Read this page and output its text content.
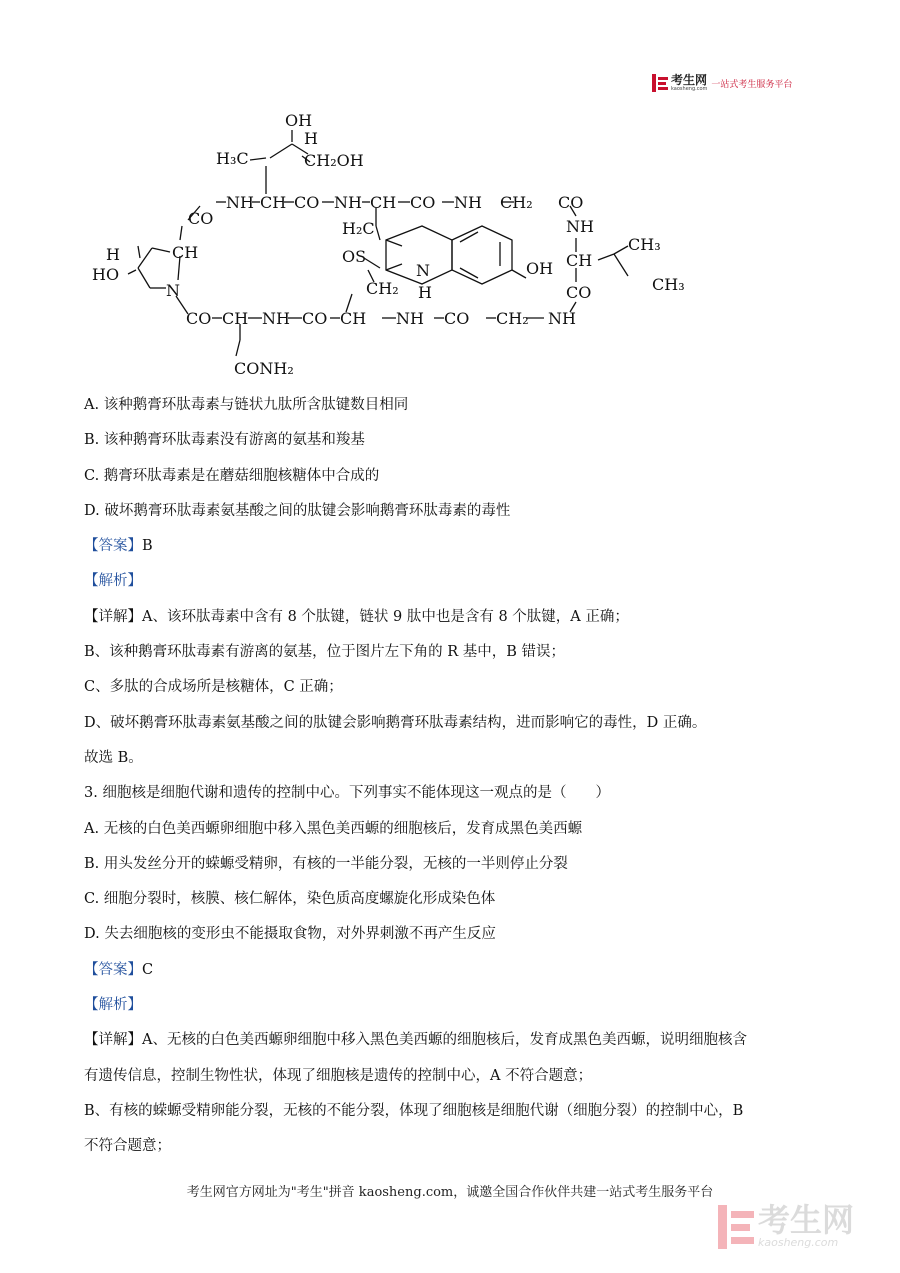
考生网
kaosheng.com 一站式考生服务平台
OH
H
CH₂OH
H₃C
CO
NH CH CO NH CH CO NH CH₂ CO
H₂C
OS
CH₂
N
H
OH
CH
H
HO
N
NH
CH
CO
CH₃
CH₃
CO CH NH CO CH NH CO CH₂ NH
CONH₂
A. 该种鹅膏环肽毒素与链状九肽所含肽键数目相同
B. 该种鹅膏环肽毒素没有游离的氨基和羧基
C. 鹅膏环肽毒素是在蘑菇细胞核糖体中合成的
D. 破坏鹅膏环肽毒素氨基酸之间的肽键会影响鹅膏环肽毒素的毒性
【答案】B
【解析】
【详解】A、该环肽毒素中含有 8 个肽键，链状 9 肽中也是含有 8 个肽键，A 正确；
B、该种鹅膏环肽毒素有游离的氨基，位于图片左下角的 R 基中，B 错误；
C、多肽的合成场所是核糖体，C 正确；
D、破坏鹅膏环肽毒素氨基酸之间的肽键会影响鹅膏环肽毒素结构，进而影响它的毒性，D 正确。
故选 B。
3. 细胞核是细胞代谢和遗传的控制中心。下列事实不能体现这一观点的是（　　）
A. 无核的白色美西螈卵细胞中移入黑色美西螈的细胞核后，发育成黑色美西螈
B. 用头发丝分开的蝾螈受精卵，有核的一半能分裂，无核的一半则停止分裂
C. 细胞分裂时，核膜、核仁解体，染色质高度螺旋化形成染色体
D. 失去细胞核的变形虫不能摄取食物，对外界刺激不再产生反应
【答案】C
【解析】
【详解】A、无核的白色美西螈卵细胞中移入黑色美西螈的细胞核后，发育成黑色美西螈，说明细胞核含
有遗传信息，控制生物性状，体现了细胞核是遗传的控制中心，A 不符合题意；
B、有核的蝾螈受精卵能分裂，无核的不能分裂，体现了细胞核是细胞代谢（细胞分裂）的控制中心，B
不符合题意；
考生网官方网址为"考生"拼音 kaosheng.com，诚邀全国合作伙伴共建一站式考生服务平台
考生网
kaosheng.com
